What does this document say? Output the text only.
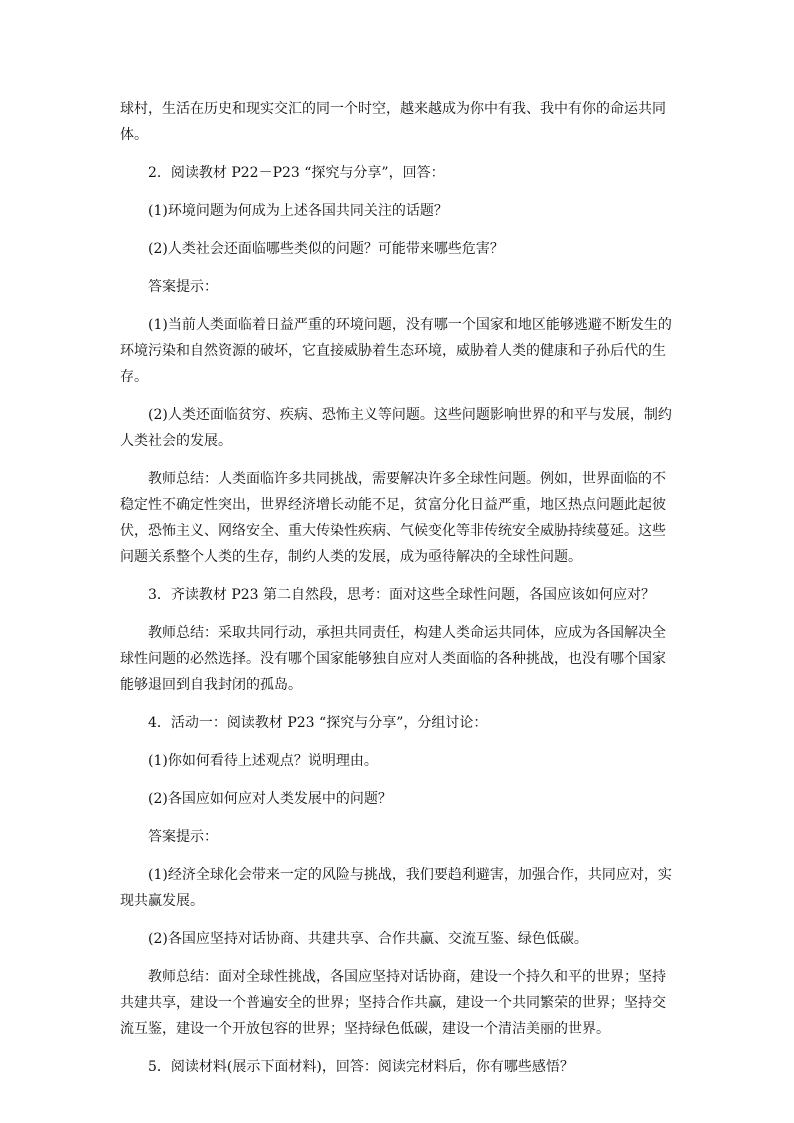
球村，生活在历史和现实交汇的同一个时空，越来越成为你中有我、我中有你的命运共同体。

2．阅读教材 P22－P23 “探究与分享”，回答：

(1)环境问题为何成为上述各国共同关注的话题？

(2)人类社会还面临哪些类似的问题？可能带来哪些危害？

答案提示：

(1)当前人类面临着日益严重的环境问题，没有哪一个国家和地区能够逃避不断发生的环境污染和自然资源的破坏，它直接威胁着生态环境，威胁着人类的健康和子孙后代的生存。

(2)人类还面临贫穷、疾病、恐怖主义等问题。这些问题影响世界的和平与发展，制约人类社会的发展。

教师总结：人类面临许多共同挑战，需要解决许多全球性问题。例如，世界面临的不稳定性不确定性突出，世界经济增长动能不足，贫富分化日益严重，地区热点问题此起彼伏，恐怖主义、网络安全、重大传染性疾病、气候变化等非传统安全威胁持续蔓延。这些问题关系整个人类的生存，制约人类的发展，成为亟待解决的全球性问题。

3．齐读教材 P23 第二自然段，思考：面对这些全球性问题，各国应该如何应对？

教师总结：采取共同行动，承担共同责任，构建人类命运共同体，应成为各国解决全球性问题的必然选择。没有哪个国家能够独自应对人类面临的各种挑战，也没有哪个国家能够退回到自我封闭的孤岛。

4．活动一：阅读教材 P23 “探究与分享”，分组讨论：

(1)你如何看待上述观点？说明理由。

(2)各国应如何应对人类发展中的问题？

答案提示：

(1)经济全球化会带来一定的风险与挑战，我们要趋利避害，加强合作，共同应对，实现共赢发展。

(2)各国应坚持对话协商、共建共享、合作共赢、交流互鉴、绿色低碳。

教师总结：面对全球性挑战，各国应坚持对话协商，建设一个持久和平的世界；坚持共建共享，建设一个普遍安全的世界；坚持合作共赢，建设一个共同繁荣的世界；坚持交流互鉴，建设一个开放包容的世界；坚持绿色低碳，建设一个清洁美丽的世界。

5．阅读材料(展示下面材料)，回答：阅读完材料后，你有哪些感悟？
